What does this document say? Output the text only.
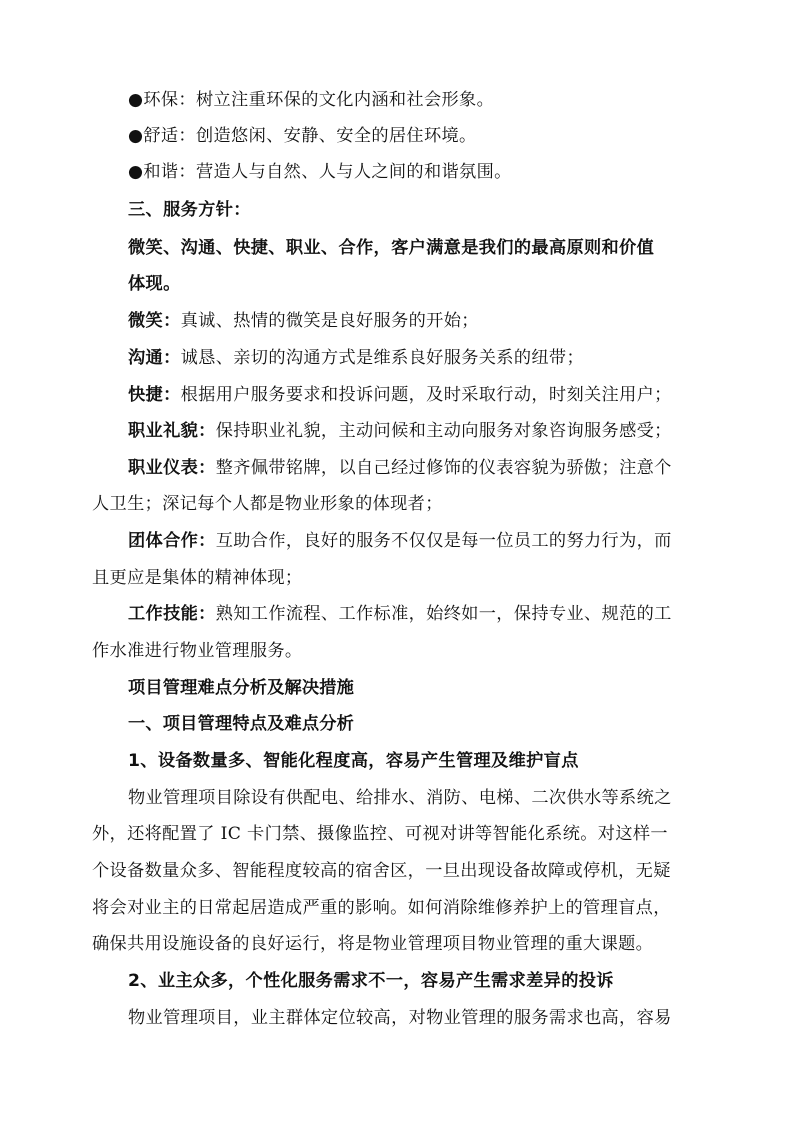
●环保：树立注重环保的文化内涵和社会形象。
●舒适：创造悠闲、安静、安全的居住环境。
●和谐：营造人与自然、人与人之间的和谐氛围。
三、服务方针：
微笑、沟通、快捷、职业、合作，客户满意是我们的最高原则和价值
体现。
微笑：真诚、热情的微笑是良好服务的开始；
沟通：诚恳、亲切的沟通方式是维系良好服务关系的纽带；
快捷：根据用户服务要求和投诉问题，及时采取行动，时刻关注用户；
职业礼貌：保持职业礼貌，主动问候和主动向服务对象咨询服务感受；
职业仪表：整齐佩带铭牌，以自己经过修饰的仪表容貌为骄傲；注意个
人卫生；深记每个人都是物业形象的体现者；
团体合作：互助合作，良好的服务不仅仅是每一位员工的努力行为，而
且更应是集体的精神体现；
工作技能：熟知工作流程、工作标准，始终如一，保持专业、规范的工
作水准进行物业管理服务。
项目管理难点分析及解决措施
一、项目管理特点及难点分析
1、设备数量多、智能化程度高，容易产生管理及维护盲点
物业管理项目除设有供配电、给排水、消防、电梯、二次供水等系统之
外，还将配置了 IC 卡门禁、摄像监控、可视对讲等智能化系统。对这样一
个设备数量众多、智能程度较高的宿舍区，一旦出现设备故障或停机，无疑
将会对业主的日常起居造成严重的影响。如何消除维修养护上的管理盲点，
确保共用设施设备的良好运行，将是物业管理项目物业管理的重大课题。
2、业主众多，个性化服务需求不一，容易产生需求差异的投诉
物业管理项目，业主群体定位较高，对物业管理的服务需求也高，容易
